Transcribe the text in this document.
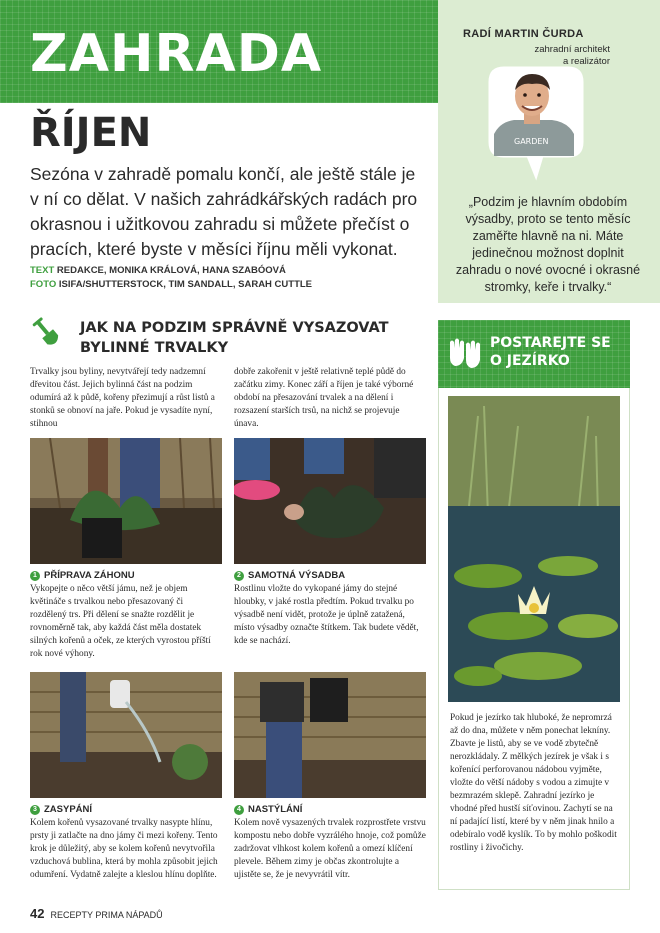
ZAHRADA
ŘÍJEN
Sezóna v zahradě pomalu končí, ale ještě stále je v ní co dělat. V našich zahrádkářských radách pro okrasnou i užitkovou zahradu si můžete přečíst o pracích, které byste v měsíci říjnu měli vykonat.
TEXT REDAKCE, MONIKA KRÁLOVÁ, HANA SZABÓOVÁ
FOTO ISIFA/SHUTTERSTOCK, TIM SANDALL, SARAH CUTTLE
RADÍ MARTIN ČURDA
zahradní architekt
a realizátor
GARDEN
„Podzim je hlavním obdobím výsadby, proto se tento měsíc zaměřte hlavně na ni. Máte jedinečnou možnost doplnit zahradu o nové ovocné i okrasné stromky, keře i trvalky.“
JAK NA PODZIM SPRÁVNĚ VYSAZOVAT BYLINNÉ TRVALKY
Trvalky jsou byliny, nevytvářejí tedy nadzemní dřevitou část. Jejich bylinná část na podzim odumírá až k půdě, kořeny přezimují a růst listů a stonků se obnoví na jaře. Pokud je vysadíte nyní, stihnou
dobře zakořenit v ještě relativně teplé půdě do začátku zimy. Konec září a říjen je také výborné období na přesazování trvalek a na dělení i rozsazení starších trsů, na nichž se projevuje únava.
1 PŘÍPRAVA ZÁHONU
Vykopejte o něco větší jámu, než je objem květináče s trvalkou nebo přesazovaný či rozdělený trs. Při dělení se snažte rozdělit je rovnoměrně tak, aby každá část měla dostatek silných kořenů a oček, ze kterých vyrostou příští rok nové výhony.
2 SAMOTNÁ VÝSADBA
Rostlinu vložte do vykopané jámy do stejné hloubky, v jaké rostla předtím. Pokud trvalku po výsadbě není vidět, protože je úplně zatažená, místo výsadby označte štítkem. Tak budete vědět, kde se nachází.
3 ZASYPÁNÍ
Kolem kořenů vysazované trvalky nasypte hlínu, prsty ji zatlačte na dno jámy či mezi kořeny. Tento krok je důležitý, aby se kolem kořenů nevytvořila vzduchová bublina, která by mohla způsobit jejich odumření. Vydatně zalejte a kleslou hlínu doplňte.
4 NASTÝLÁNÍ
Kolem nově vysazených trvalek rozprostřete vrstvu kompostu nebo dobře vyzrálého hnoje, což pomůže zadržovat vlhkost kolem kořenů a omezí klíčení plevele. Během zimy je občas zkontrolujte a ujistěte se, že je nevyvrátil vítr.
POSTAREJTE SE O JEZÍRKO
Pokud je jezírko tak hluboké, že nepromrzá až do dna, můžete v něm ponechat lekníny. Zbavte je listů, aby se ve vodě zbytečně nerozkládaly. Z mělkých jezírek je však i s kořenící perforovanou nádobou vyjměte, vložte do větší nádoby s vodou a zimujte v bezmrazém sklepě. Zahradní jezírko je vhodné před hustší síťovinou. Zachytí se na ní padající listí, které by v něm jinak hnilo a odebíralo vodě kyslík. To by mohlo poškodit rostliny i živočichy.
42 RECEPTY PRIMA NÁPADŮ
